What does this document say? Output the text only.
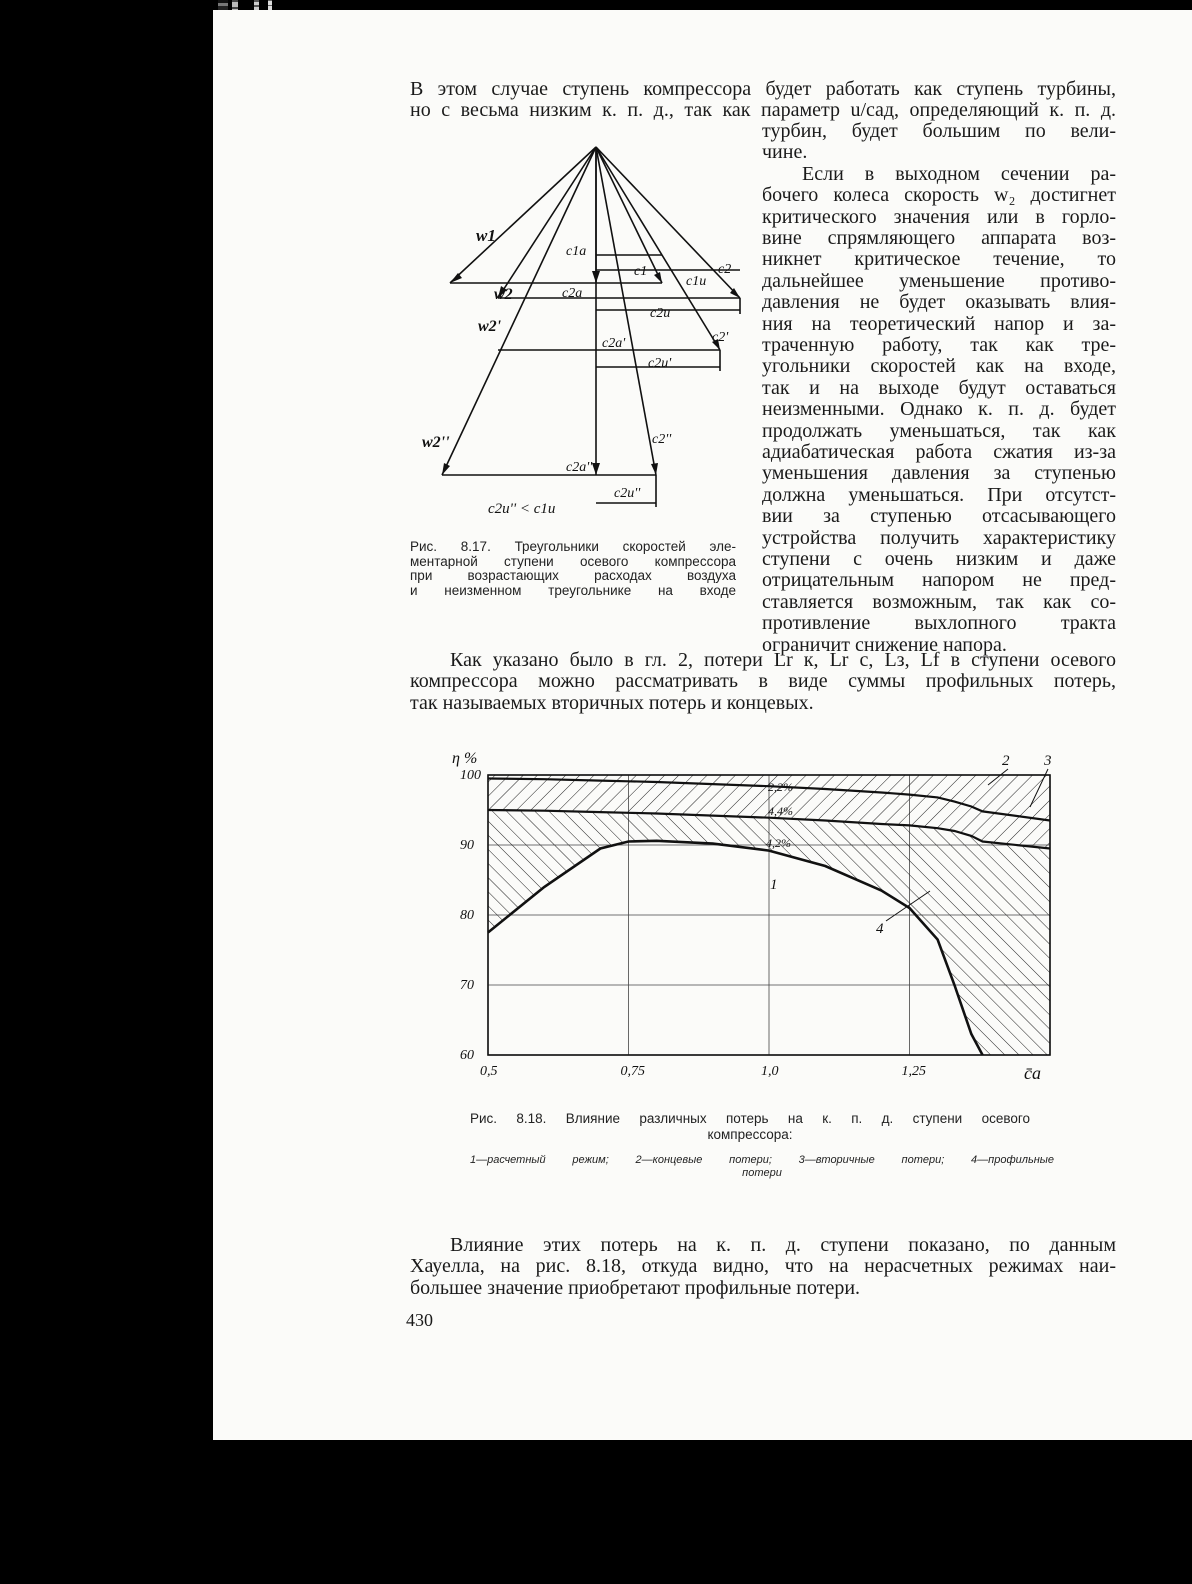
В этом случае ступень компрессора будет работать как ступень турбины,
но с весьма низким к. п. д., так как параметр u/cад, определяющий к. п. д.
турбин, будет большим по вели-
чине.
Если в выходном сечении ра-
бочего колеса скорость w₂ достигнет
критического значения или в горло-
вине спрямляющего аппарата воз-
никнет критическое течение, то
дальнейшее уменьшение противо-
давления не будет оказывать влия-
ния на теоретический напор и за-
траченную работу, так как тре-
угольники скоростей как на входе,
так и на выходе будут оставаться
неизменными. Однако к. п. д. будет
продолжать уменьшаться, так как
адиабатическая работа сжатия из-за
уменьшения давления за ступенью
должна уменьшаться. При отсутст-
вии за ступенью отсасывающего
устройства получить характеристику
ступени с очень низким и даже
отрицательным напором не пред-
ставляется возможным, так как со-
противление выхлопного тракта
ограничит снижение напора.
w1
c1a
c1
c1u
c2
w2	c2a
c2u
w2'
c2a'
c2u'
c2'
w2''
c2a''
c2''
c2u''
c2u'' < c1u
Рис. 8.17. Треугольники скоростей эле-
ментарной ступени осевого компрессора
при возрастающих расходах воздуха
и неизменном треугольнике на входе
Как указано было в гл. 2, потери Lr к, Lr с, Lз, Lf в ступени осевого
компрессора можно рассматривать в виде суммы профильных потерь,
так называемых вторичных потерь и концевых.
0,5	0,75	1,0	1,25
60
70
80
90
100
η %
c̄a
2,2%
4,4%
4,2%
1
2 3
4
Рис. 8.18. Влияние различных потерь на к. п. д. ступени осевого
компрессора:
1—расчетный режим; 2—концевые потери; 3—вторичные потери; 4—профильные
потери
Влияние этих потерь на к. п. д. ступени показано, по данным
Хауелла, на рис. 8.18, откуда видно, что на нерасчетных режимах наи-
большее значение приобретают профильные потери.
430
